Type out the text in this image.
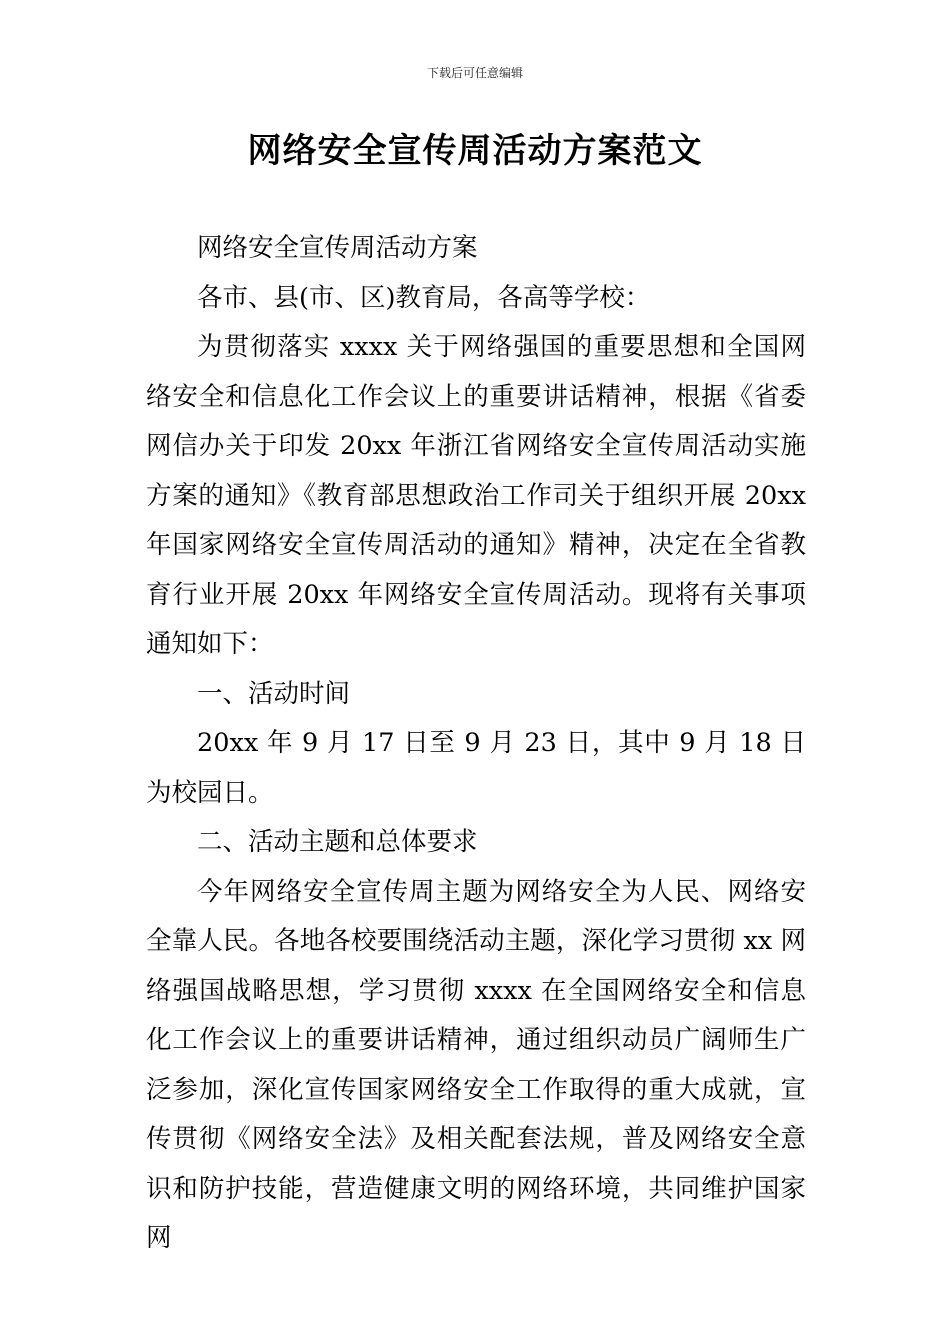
下载后可任意编辑
网络安全宣传周活动方案范文

网络安全宣传周活动方案

各市、县(市、区)教育局，各高等学校：

为贯彻落实 xxxx 关于网络强国的重要思想和全国网络安全和信息化工作会议上的重要讲话精神，根据《省委网信办关于印发 20xx 年浙江省网络安全宣传周活动实施方案的通知》《教育部思想政治工作司关于组织开展 20xx 年国家网络安全宣传周活动的通知》精神，决定在全省教育行业开展 20xx 年网络安全宣传周活动。现将有关事项通知如下：

一、活动时间

20xx 年 9 月 17 日至 9 月 23 日，其中 9 月 18 日为校园日。

二、活动主题和总体要求

今年网络安全宣传周主题为网络安全为人民、网络安全靠人民。各地各校要围绕活动主题，深化学习贯彻 xx 网络强国战略思想，学习贯彻 xxxx 在全国网络安全和信息化工作会议上的重要讲话精神，通过组织动员广阔师生广泛参加，深化宣传国家网络安全工作取得的重大成就，宣传贯彻《网络安全法》及相关配套法规，普及网络安全意识和防护技能，营造健康文明的网络环境，共同维护国家网
